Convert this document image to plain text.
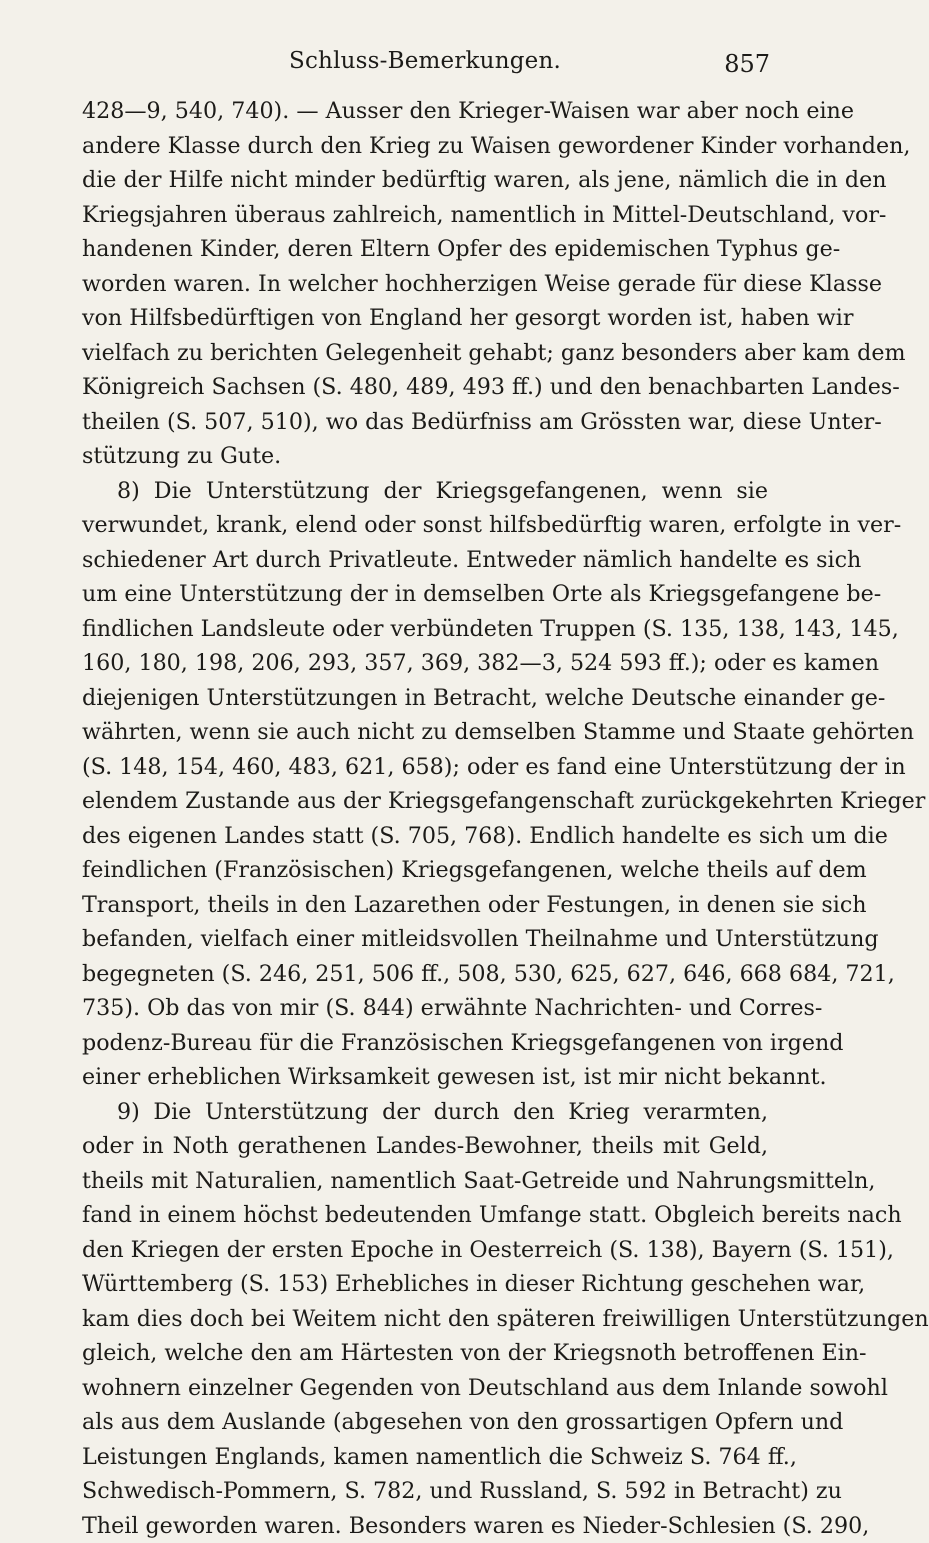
Schluss-Bemerkungen.	857
428—9, 540, 740). — Ausser den Krieger-Waisen war aber noch eine
andere Klasse durch den Krieg zu Waisen gewordener Kinder vorhanden,
die der Hilfe nicht minder bedürftig waren, als jene, nämlich die in den
Kriegsjahren überaus zahlreich, namentlich in Mittel-Deutschland, vor-
handenen Kinder, deren Eltern Opfer des epidemischen Typhus ge-
worden waren. In welcher hochherzigen Weise gerade für diese Klasse
von Hilfsbedürftigen von England her gesorgt worden ist, haben wir
vielfach zu berichten Gelegenheit gehabt; ganz besonders aber kam dem
Königreich Sachsen (S. 480, 489, 493 ff.) und den benachbarten Landes-
theilen (S. 507, 510), wo das Bedürfniss am Grössten war, diese Unter-
stützung zu Gute.
8) Die Unterstützung der Kriegsgefangenen, wenn sie
verwundet, krank, elend oder sonst hilfsbedürftig waren, erfolgte in ver-
schiedener Art durch Privatleute. Entweder nämlich handelte es sich
um eine Unterstützung der in demselben Orte als Kriegsgefangene be-
findlichen Landsleute oder verbündeten Truppen (S. 135, 138, 143, 145,
160, 180, 198, 206, 293, 357, 369, 382—3, 524 593 ff.); oder es kamen
diejenigen Unterstützungen in Betracht, welche Deutsche einander ge-
währten, wenn sie auch nicht zu demselben Stamme und Staate gehörten
(S. 148, 154, 460, 483, 621, 658); oder es fand eine Unterstützung der in
elendem Zustande aus der Kriegsgefangenschaft zurückgekehrten Krieger
des eigenen Landes statt (S. 705, 768). Endlich handelte es sich um die
feindlichen (Französischen) Kriegsgefangenen, welche theils auf dem
Transport, theils in den Lazarethen oder Festungen, in denen sie sich
befanden, vielfach einer mitleidsvollen Theilnahme und Unterstützung
begegneten (S. 246, 251, 506 ff., 508, 530, 625, 627, 646, 668 684, 721,
735). Ob das von mir (S. 844) erwähnte Nachrichten- und Corres-
podenz-Bureau für die Französischen Kriegsgefangenen von irgend
einer erheblichen Wirksamkeit gewesen ist, ist mir nicht bekannt.
9) Die Unterstützung der durch den Krieg verarmten,
oder in Noth gerathenen Landes-Bewohner, theils mit Geld,
theils mit Naturalien, namentlich Saat-Getreide und Nahrungsmitteln,
fand in einem höchst bedeutenden Umfange statt. Obgleich bereits nach
den Kriegen der ersten Epoche in Oesterreich (S. 138), Bayern (S. 151),
Württemberg (S. 153) Erhebliches in dieser Richtung geschehen war,
kam dies doch bei Weitem nicht den späteren freiwilligen Unterstützungen
gleich, welche den am Härtesten von der Kriegsnoth betroffenen Ein-
wohnern einzelner Gegenden von Deutschland aus dem Inlande sowohl
als aus dem Auslande (abgesehen von den grossartigen Opfern und
Leistungen Englands, kamen namentlich die Schweiz S. 764 ff.,
Schwedisch-Pommern, S. 782, und Russland, S. 592 in Betracht) zu
Theil geworden waren. Besonders waren es Nieder-Schlesien (S. 290,
